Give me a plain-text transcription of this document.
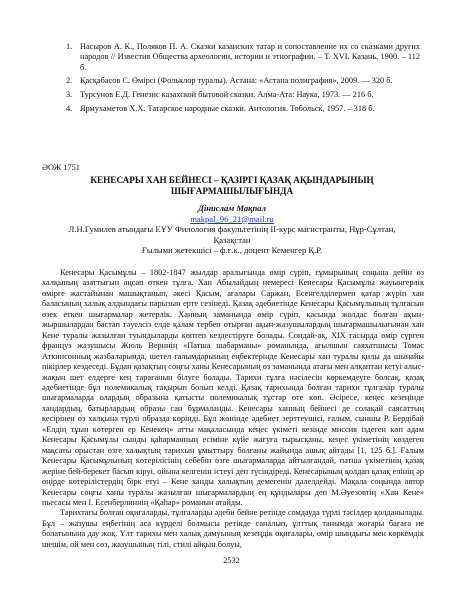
1. Насыров А. К., Поляков П. А. Сказки казанских татар и сопоставление их со сказками других народов // Известия Общества археологии, истории и этнографии. – Т. XVI. Казань, 1900. – 112 б.
2. Қасқабасов С. Өмірсі (Фольклор туралы). Астана: «Астана полиграфия», 2009. — 320 б.
3. Турсунов Е.Д. Генезис казахской бытовой сказки. Алма-Ата: Наука, 1973. — 216 б.
4. Ярмухаметов Х.Х. Татарское народные сказки. Антология. Тобольск, 1957. – 318 б.
ӘОЖ 1751
КЕНЕСАРЫ ХАН БЕЙНЕСІ – ҚАЗІРГІ ҚАЗАҚ АҚЫНДАРЫНЫҢ
ШЫҒАРМАШЫЛЫҒЫНДА
Дінислам Мақпал
makpal_96_21@mail.ru
Л.Н.Гумилев атындағы ЕҰУ Филология факультетінің ІІ-курс магистранты, Нұр-Сұлтан,
Қазақстан
Ғылыми жетекшісі – ф.ғ.к., доцент Кеменгер Қ.Р.

Кенесары Қасымұлы – 1802-1847 жылдар аралығында өмір сүріп, ғұмырының соңына дейін өз халқының азаттығын аңсап өткен тұлға. Хан Абылайдың немересі Кенесары Қасымұлы жауынгерлік өмірге жастайынан машықтанып, әкесі Қасым, ағалары Саржан, Есенгелділермен қатар жүріп хан баласының халық алдындағы парызын ерте сезінеді. Қазақ әдебиетінде Кенесары Қасымұлының тұлғасын өзек еткен шығармалар жетерлік. Ханның заманында өмір сүріп, қасында жолдас болған ақын-жыршылардан бастап тәуелсіз елде қалам тербеп отырған ақын-жазушылардың шығармашылығынан хан Кене туралы жазылған туындыларды көптеп кездестіруге болады. Сондай-ақ, ХІХ ғасырда өмір сүрген француз жазушысы Жюль Верннің «Патша шабарманы» романында, ағылшын саяхатшысы Томас Аткинсонның жазбаларында, шетел ғалымдарының еңбектерінде Кенесары хан туралы қилы да шынайы пікірлер кездеседі. Бұдан қазақтың соңғы ханы Кенесарының өз заманында атағы мен алқаптан кетуі алыс-жақын шет елдерге кең тарағанын білуге болады. Тарихи тұлға нәсілесін көркемдеуге болсақ, қазақ әдебиетінде бұл полемикалық тақырып болып келді. Қазақ тарихында болған тарихи тұлғалар туралы шығармаларда олардың образына қатысты полемикалық тұстар өте көп. Әсіресе, кеңес кезеңінде хандардың, батырлардың образы сан бұрмаланды. Кенесары ханның бейнесі де солақай саясаттың кесірінен өз халқына түрлі образда көрінді. Бұл жөнінде әдебиет зерттеушісі, ғалым, сыншы Р. Бердібай «Елдің тұын көтерген ер Кенекең» атты мақаласында кеңес үкіметі кезінде миссия іздеген көп адам Кенесары Қасымұлы сынды қаһарманның есіміне күйе жағуға тырысқаны, кеңес үкіметінің көздеген мақсаты орыстан өзге халықтың тарихын ұмыттыру болғаны жайында ашық айтады [1, 125 б.]. Ғалым Кенесары Қасымұлының көтерілісінің себебін өзге шығармаларда айтылғандай, патша үкіметінің қазақ жеріне бей-берекет басып кіруі, ойына келгенін істеуі деп түсіндіреді. Кенесарының қолдап қазақ елінің әр өңірде көтерілістердің бірк етуі – Кене ханды халықтың демегенін дәлелдейді. Мақала соңында автор Кенесары соңғы ханы туралы жазылған шығармалардың ең құндылары деп М.Әуезовтің «Хан Кене» пьесасы мен І. Есенберлиннің «Қаһар» романын атайды.

Тарихтағы болған оқиғаларды, тұлғаларды әдеби бейне ретінде сомдауда түрлі тәсілдер қолданылады. Бұл – жазушы еңбегінің аса күрделі болмысы ретінде саналып, ұлттық танымда жоғары бағаға ие болатынына дау жоқ. Үлт тарихы мен халық дамуының кезеңдік оқиғалары, өмір шындығы мен көркемдік шешім, ой мен сөз, жазушының тілі, стилі айқын болуы,

2532
